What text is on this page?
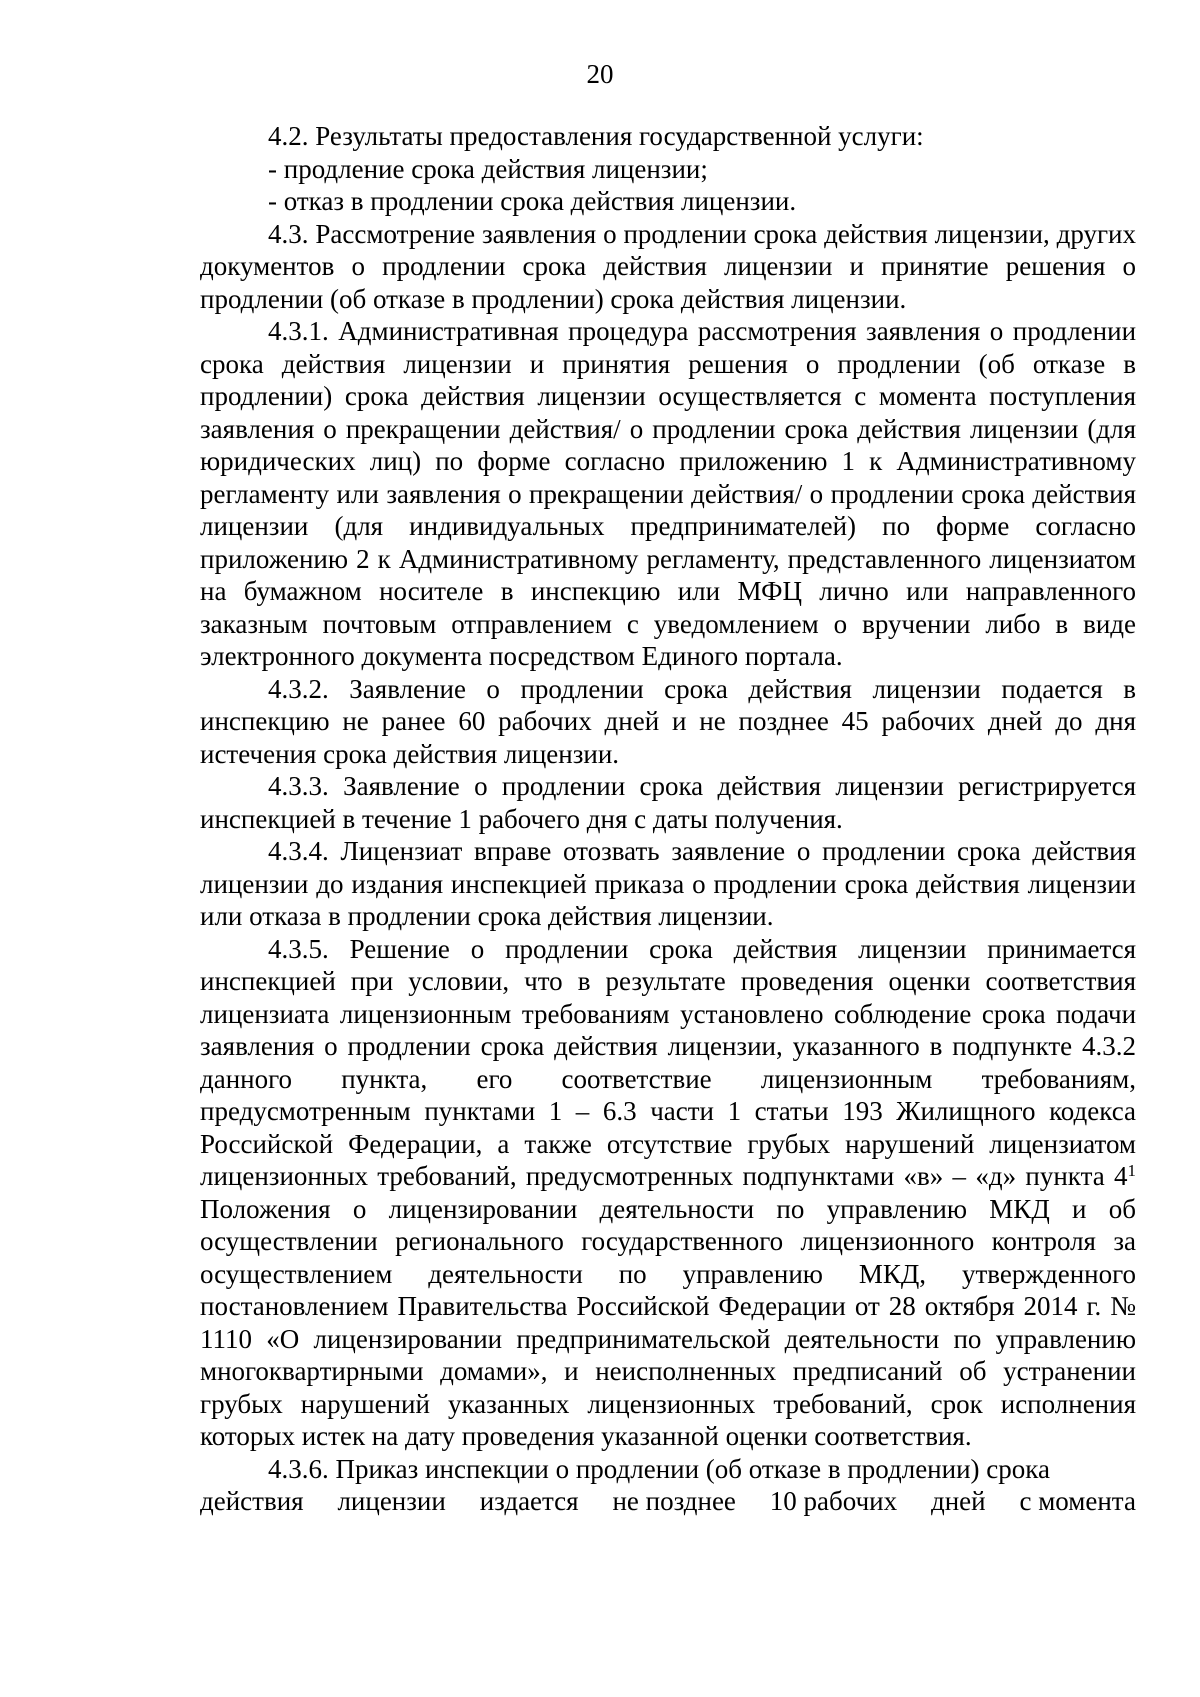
20

4.2. Результаты предоставления государственной услуги:

- продление срока действия лицензии;

- отказ в продлении срока действия лицензии.

4.3. Рассмотрение заявления о продлении срока действия лицензии, других документов о продлении срока действия лицензии и принятие решения о продлении (об отказе в продлении) срока действия лицензии.

4.3.1. Административная процедура рассмотрения заявления о продлении срока действия лицензии и принятия решения о продлении (об отказе в продлении) срока действия лицензии осуществляется с момента поступления заявления о прекращении действия/ о продлении срока действия лицензии (для юридических лиц) по форме согласно приложению 1 к Административному регламенту или заявления о прекращении действия/ о продлении срока действия лицензии (для индивидуальных предпринимателей) по форме согласно приложению 2 к Административному регламенту, представленного лицензиатом на бумажном носителе в инспекцию или МФЦ лично или направленного заказным почтовым отправлением с уведомлением о вручении либо в виде электронного документа посредством Единого портала.

4.3.2. Заявление о продлении срока действия лицензии подается в инспекцию не ранее 60 рабочих дней и не позднее 45 рабочих дней до дня истечения срока действия лицензии.

4.3.3. Заявление о продлении срока действия лицензии регистрируется инспекцией в течение 1 рабочего дня с даты получения.

4.3.4. Лицензиат вправе отозвать заявление о продлении срока действия лицензии до издания инспекцией приказа о продлении срока действия лицензии или отказа в продлении срока действия лицензии.

4.3.5. Решение о продлении срока действия лицензии принимается инспекцией при условии, что в результате проведения оценки соответствия лицензиата лицензионным требованиям установлено соблюдение срока подачи заявления о продлении срока действия лицензии, указанного в подпункте 4.3.2 данного пункта, его соответствие лицензионным требованиям, предусмотренным пунктами 1 – 6.3 части 1 статьи 193 Жилищного кодекса Российской Федерации, а также отсутствие грубых нарушений лицензиатом лицензионных требований, предусмотренных подпунктами «в» – «д» пункта $4^1$ Положения о лицензировании деятельности по управлению МКД и об осуществлении регионального государственного лицензионного контроля за осуществлением деятельности по управлению МКД, утвержденного постановлением Правительства Российской Федерации от 28 октября 2014 г. № 1110 «О лицензировании предпринимательской деятельности по управлению многоквартирными домами», и неисполненных предписаний об устранении грубых нарушений указанных лицензионных требований, срок исполнения которых истек на дату проведения указанной оценки соответствия.

4.3.6. Приказ инспекции о продлении (об отказе в продлении) срока

действия лицензии издается не позднее 10 рабочих дней с момента
